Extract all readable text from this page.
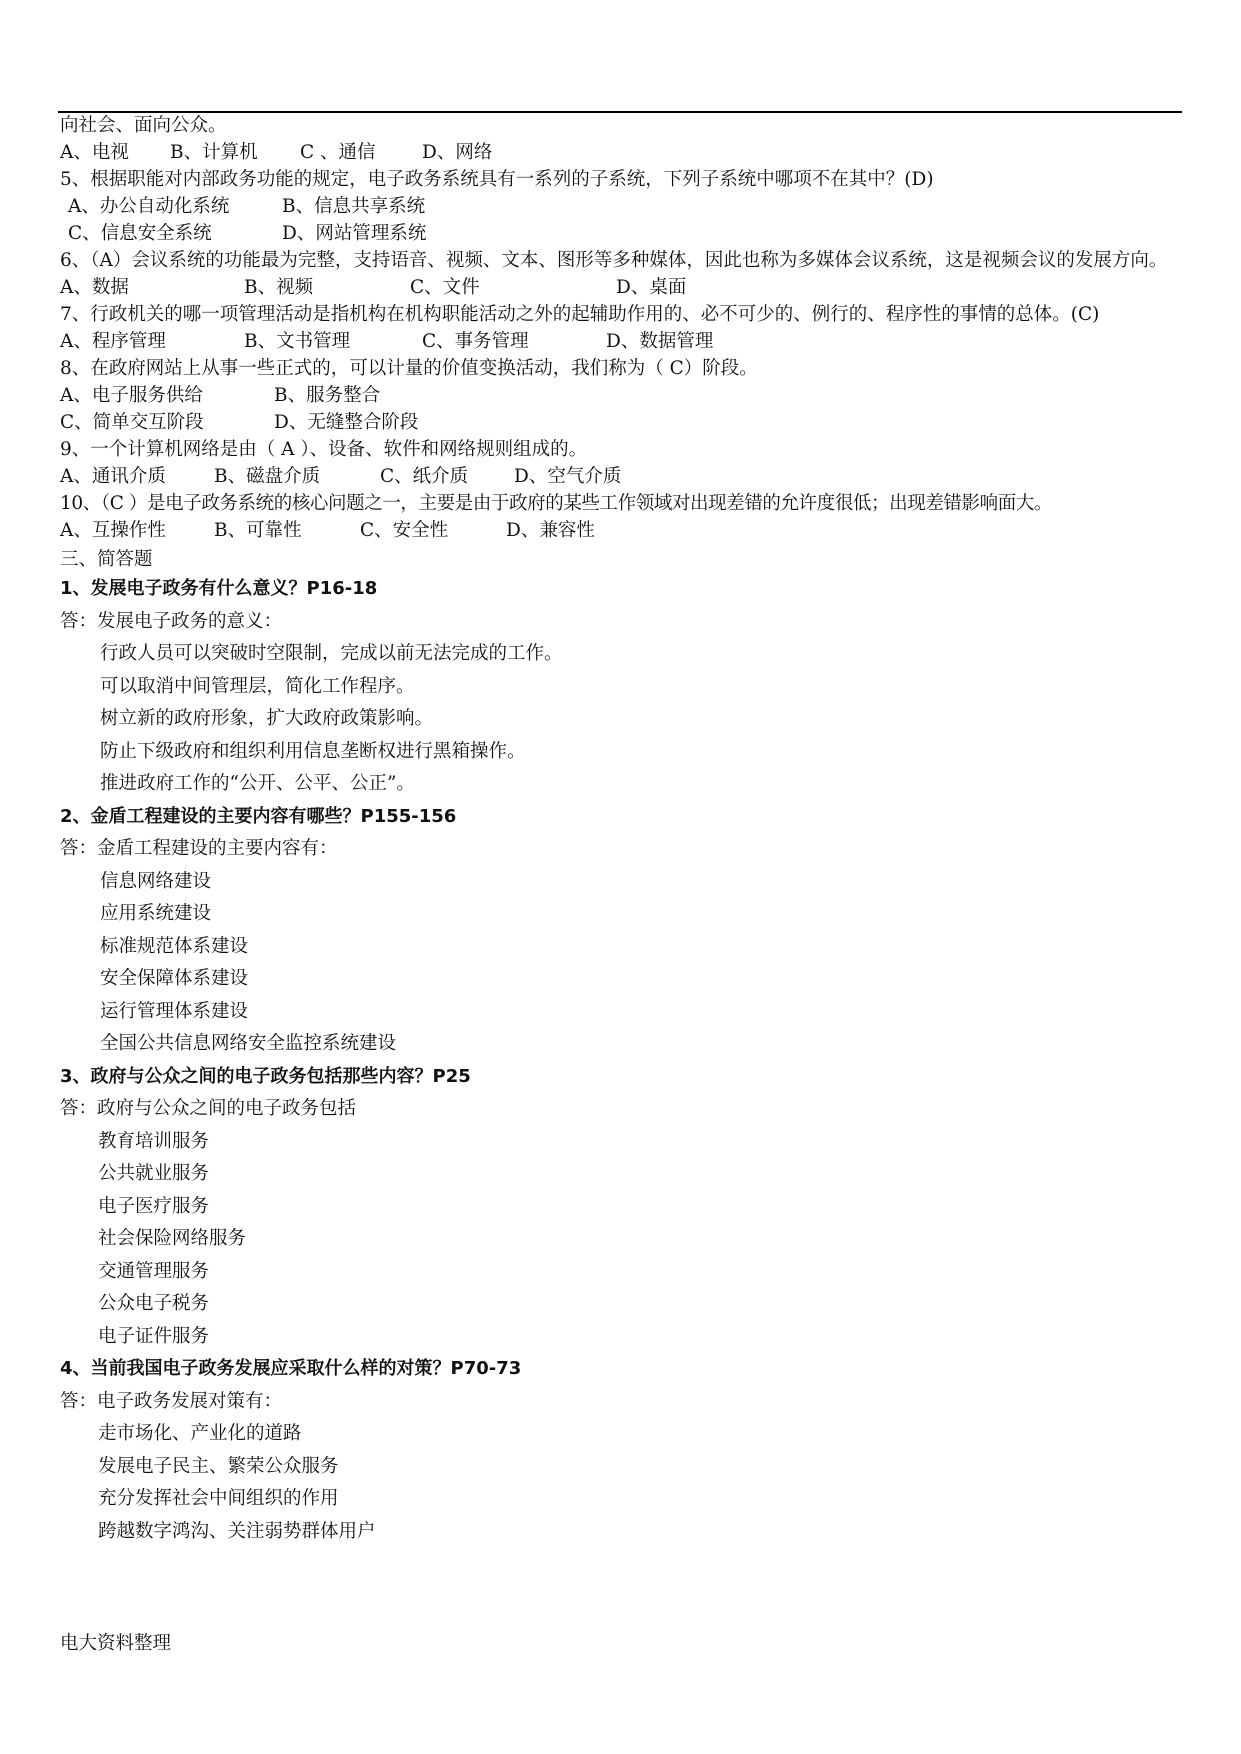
向社会、面向公众。
A、电视 B、计算机 C 、通信	D、网络
5、根据职能对内部政务功能的规定，电子政务系统具有一系列的子系统，下列子系统中哪项不在其中？(D)
A、办公自动化系统	B、信息共享系统
C、信息安全系统	D、网站管理系统
6、（A）会议系统的功能最为完整，支持语音、视频、文本、图形等多种媒体，因此也称为多媒体会议系统，这是视频会议的发展方向。
A、数据	B、视频	C、文件	D、桌面
7、行政机关的哪一项管理活动是指机构在机构职能活动之外的起辅助作用的、必不可少的、例行的、程序性的事情的总体。(C)
A、程序管理	B、文书管理	C、事务管理	D、数据管理
8、在政府网站上从事一些正式的，可以计量的价值变换活动，我们称为（ C）阶段。
A、电子服务供给	B、服务整合
C、简单交互阶段	D、无缝整合阶段
9、一个计算机网络是由（ A ）、设备、软件和网络规则组成的。
A、通讯介质	B、磁盘介质	C、纸介质 D、空气介质
10、（C ）是电子政务系统的核心问题之一，主要是由于政府的某些工作领域对出现差错的允许度很低；出现差错影响面大。
A、互操作性	B、可靠性	C、安全性	D、兼容性
三、简答题
1、发展电子政务有什么意义？P16-18
答：发展电子政务的意义：
行政人员可以突破时空限制，完成以前无法完成的工作。
可以取消中间管理层，简化工作程序。
树立新的政府形象，扩大政府政策影响。
防止下级政府和组织利用信息垄断权进行黑箱操作。
推进政府工作的“公开、公平、公正”。
2、金盾工程建设的主要内容有哪些？P155-156
答：金盾工程建设的主要内容有：
信息网络建设
应用系统建设
标准规范体系建设
安全保障体系建设
运行管理体系建设
全国公共信息网络安全监控系统建设
3、政府与公众之间的电子政务包括那些内容？P25
答：政府与公众之间的电子政务包括
教育培训服务
公共就业服务
电子医疗服务
社会保险网络服务
交通管理服务
公众电子税务
电子证件服务
4、当前我国电子政务发展应采取什么样的对策？P70-73
答：电子政务发展对策有：
走市场化、产业化的道路
发展电子民主、繁荣公众服务
充分发挥社会中间组织的作用
跨越数字鸿沟、关注弱势群体用户
电大资料整理
